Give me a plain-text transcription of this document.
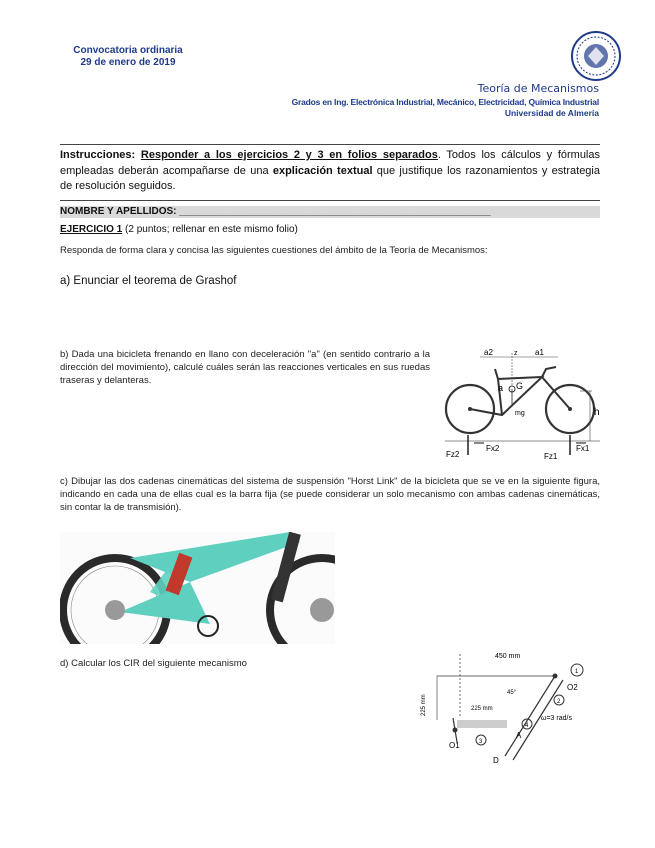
Convocatoria ordinaria
29 de enero de 2019
Teoría de Mecanismos
Grados en Ing. Electrónica Industrial, Mecánico, Electricidad, Química Industrial
Universidad de Almería
Instrucciones: Responder a los ejercicios 2 y 3 en folios separados. Todos los cálculos y fórmulas empleadas deberán acompañarse de una explicación textual que justifique los razonamientos y estrategia de resolución seguidos.
NOMBRE Y APELLIDOS: ________________________________________________________
EJERCICIO 1 (2 puntos; rellenar en este mismo folio)
Responda de forma clara y concisa las siguientes cuestiones del ámbito de la Teoría de Mecanismos:
a) Enunciar el teorema de Grashof
b) Dada una bicicleta frenando en llano con deceleración "a" (en sentido contrario a la dirección del movimiento), calculé cuáles serán las reacciones verticales en sus ruedas traseras y delanteras.
a2	z a1
a G
mg	h
Fz2
Fx2
Fz1
Fx1
c) Dibujar las dos cadenas cinemáticas del sistema de suspensión "Horst Link" de la bicicleta que se ve en la siguiente figura, indicando en cada una de ellas cual es la barra fija (se puede considerar un solo mecanismo con ambas cadenas cinemáticas, sin contar la de transmisión).
d) Calcular los CIR del siguiente mecanismo
450 mm
225 mm	225 mm
45°
ω=3 rad/s
O2
O1
A
D
1
2
3
4
